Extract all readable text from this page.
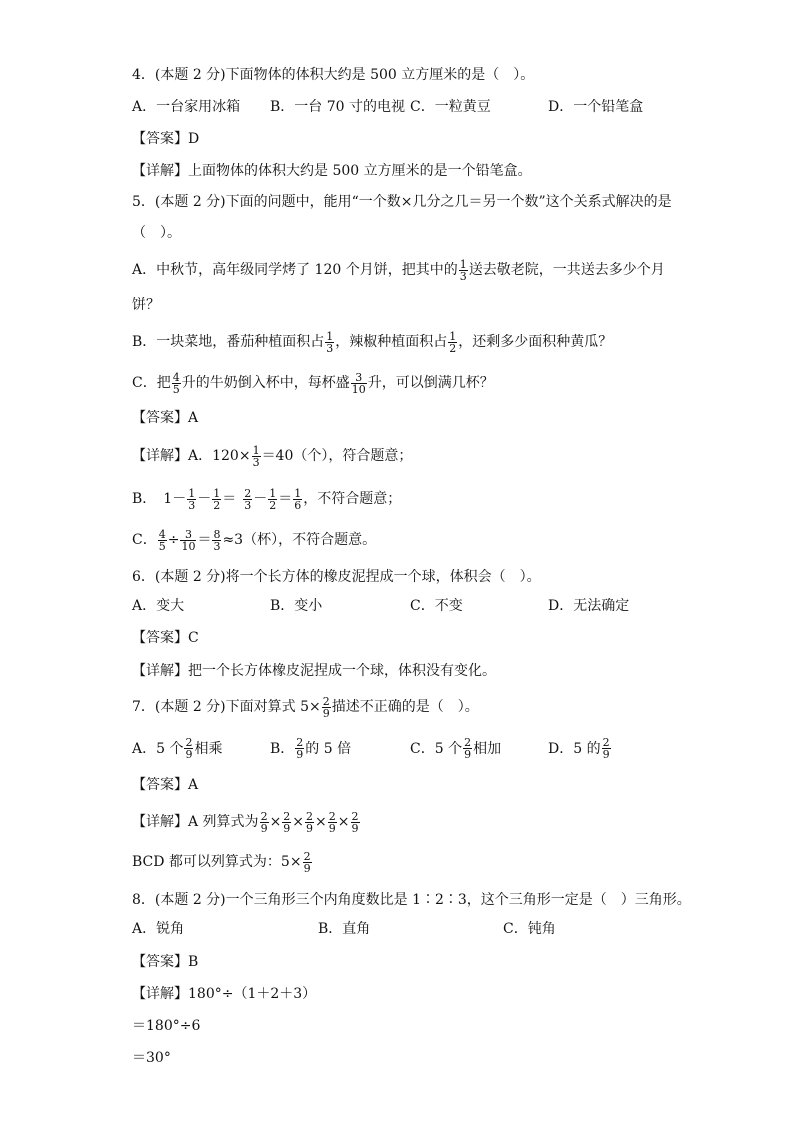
4．(本题 2 分)下面物体的体积大约是 500 立方厘米的是（　）。
A．一台家用冰箱 B．一台 70 寸的电视 C．一粒黄豆	D．一个铅笔盒
【答案】D
【详解】上面物体的体积大约是 500 立方厘米的是一个铅笔盒。
5．(本题 2 分)下面的问题中，能用“一个数×几分之几＝另一个数”这个关系式解决的是
（　）。
A．中秋节，高年级同学烤了 120 个月饼，把其中的 $\frac{1}{3}$ 送去敬老院，一共送去多少个月
饼？
B．一块菜地，番茄种植面积占 $\frac{1}{3}$ ，辣椒种植面积占 $\frac{1}{2}$ ，还剩多少面积种黄瓜？
C．把 $\frac{4}{5}$ 升的牛奶倒入杯中，每杯盛 $\frac{3}{10}$ 升，可以倒满几杯？
【答案】A
【详解】A．$120\times \frac{1}{3} =40$（个），符合题意；
B．　$1- \frac{1}{3} - \frac{1}{2} = \frac{2}{3} - \frac{1}{2} = \frac{1}{6}$ ，不符合题意；
C． $\frac{4}{5} \div \frac{3}{10} = \frac{8}{3} \approx 3$（杯），不符合题意。
6．(本题 2 分)将一个长方体的橡皮泥捏成一个球，体积会（　）。
A．变大	B．变小	C．不变	D．无法确定
【答案】C
【详解】把一个长方体橡皮泥捏成一个球，体积没有变化。
7．(本题 2 分)下面对算式 $5\times \frac{2}{9}$ 描述不正确的是（　）。
A．5 个 $\frac{2}{9}$ 相乘	B． $\frac{2}{9}$ 的 5 倍	C．5 个 $\frac{2}{9}$ 相加	D．5 的 $\frac{2}{9}$
【答案】A
【详解】A 列算式为 $\frac{2}{9} \times \frac{2}{9} \times \frac{2}{9} \times \frac{2}{9} \times \frac{2}{9}$
BCD 都可以列算式为：$5\times \frac{2}{9}$
8．(本题 2 分)一个三角形三个内角度数比是 1∶2∶3，这个三角形一定是（　）三角形。
A．锐角	B．直角	C．钝角
【答案】B
【详解】180°÷（1＋2＋3）
＝180°÷6
＝30°
